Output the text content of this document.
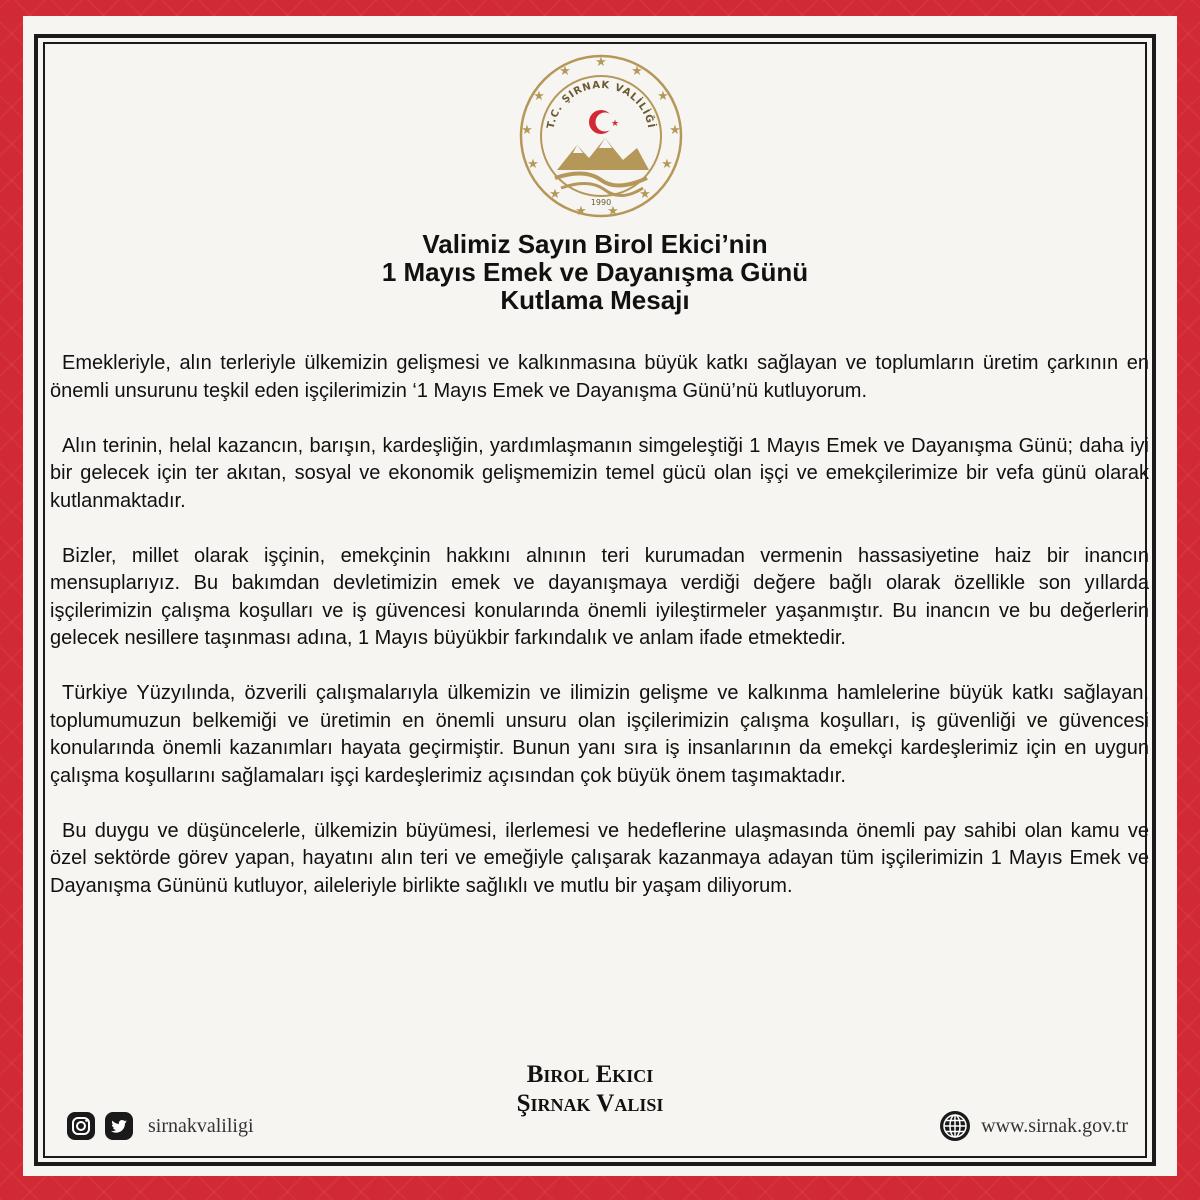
★
★
★
★
★
★
★
★
★
★
★
★
★
T.C. ŞIRNAK VALİLİĞİ
★
1990
Valimiz Sayın Birol Ekici’nin
1 Mayıs Emek ve Dayanışma Günü
Kutlama Mesajı

Emekleriyle, alın terleriyle ülkemizin gelişmesi ve kalkınmasına büyük katkı sağlayan ve toplumların üretim çarkının en önemli unsurunu teşkil eden işçilerimizin ‘1 Mayıs Emek ve Dayanışma Günü’nü kutluyorum.

Alın terinin, helal kazancın, barışın, kardeşliğin, yardımlaşmanın simgeleştiği 1 Mayıs Emek ve Dayanışma Günü; daha iyi bir gelecek için ter akıtan, sosyal ve ekonomik gelişmemizin temel gücü olan işçi ve emekçilerimize bir vefa günü olarak kutlanmaktadır.

Bizler, millet olarak işçinin, emekçinin hakkını alnının teri kurumadan vermenin hassasiyetine haiz bir inancın mensuplarıyız. Bu bakımdan devletimizin emek ve dayanışmaya verdiği değere bağlı olarak özellikle son yıllarda işçilerimizin çalışma koşulları ve iş güvencesi konularında önemli iyileştirmeler yaşanmıştır. Bu inancın ve bu değerlerin gelecek nesillere taşınması adına, 1 Mayıs büyükbir farkındalık ve anlam ifade etmektedir.

Türkiye Yüzyılında, özverili çalışmalarıyla ülkemizin ve ilimizin gelişme ve kalkınma hamlelerine büyük katkı sağlayan, toplumumuzun belkemiği ve üretimin en önemli unsuru olan işçilerimizin çalışma koşulları, iş güvenliği ve güvencesi konularında önemli kazanımları hayata geçirmiştir. Bunun yanı sıra iş insanlarının da emekçi kardeşlerimiz için en uygun çalışma koşullarını sağlamaları işçi kardeşlerimiz açısından çok büyük önem taşımaktadır.

Bu duygu ve düşüncelerle, ülkemizin büyümesi, ilerlemesi ve hedeflerine ulaşmasında önemli pay sahibi olan kamu ve özel sektörde görev yapan, hayatını alın teri ve emeğiyle çalışarak kazanmaya adayan tüm işçilerimizin 1 Mayıs Emek ve Dayanışma Gününü kutluyor, aileleriyle birlikte sağlıklı ve mutlu bir yaşam diliyorum.

Birol Ekici
Şırnak Valisi
sirnakvaliligi	www.sirnak.gov.tr
